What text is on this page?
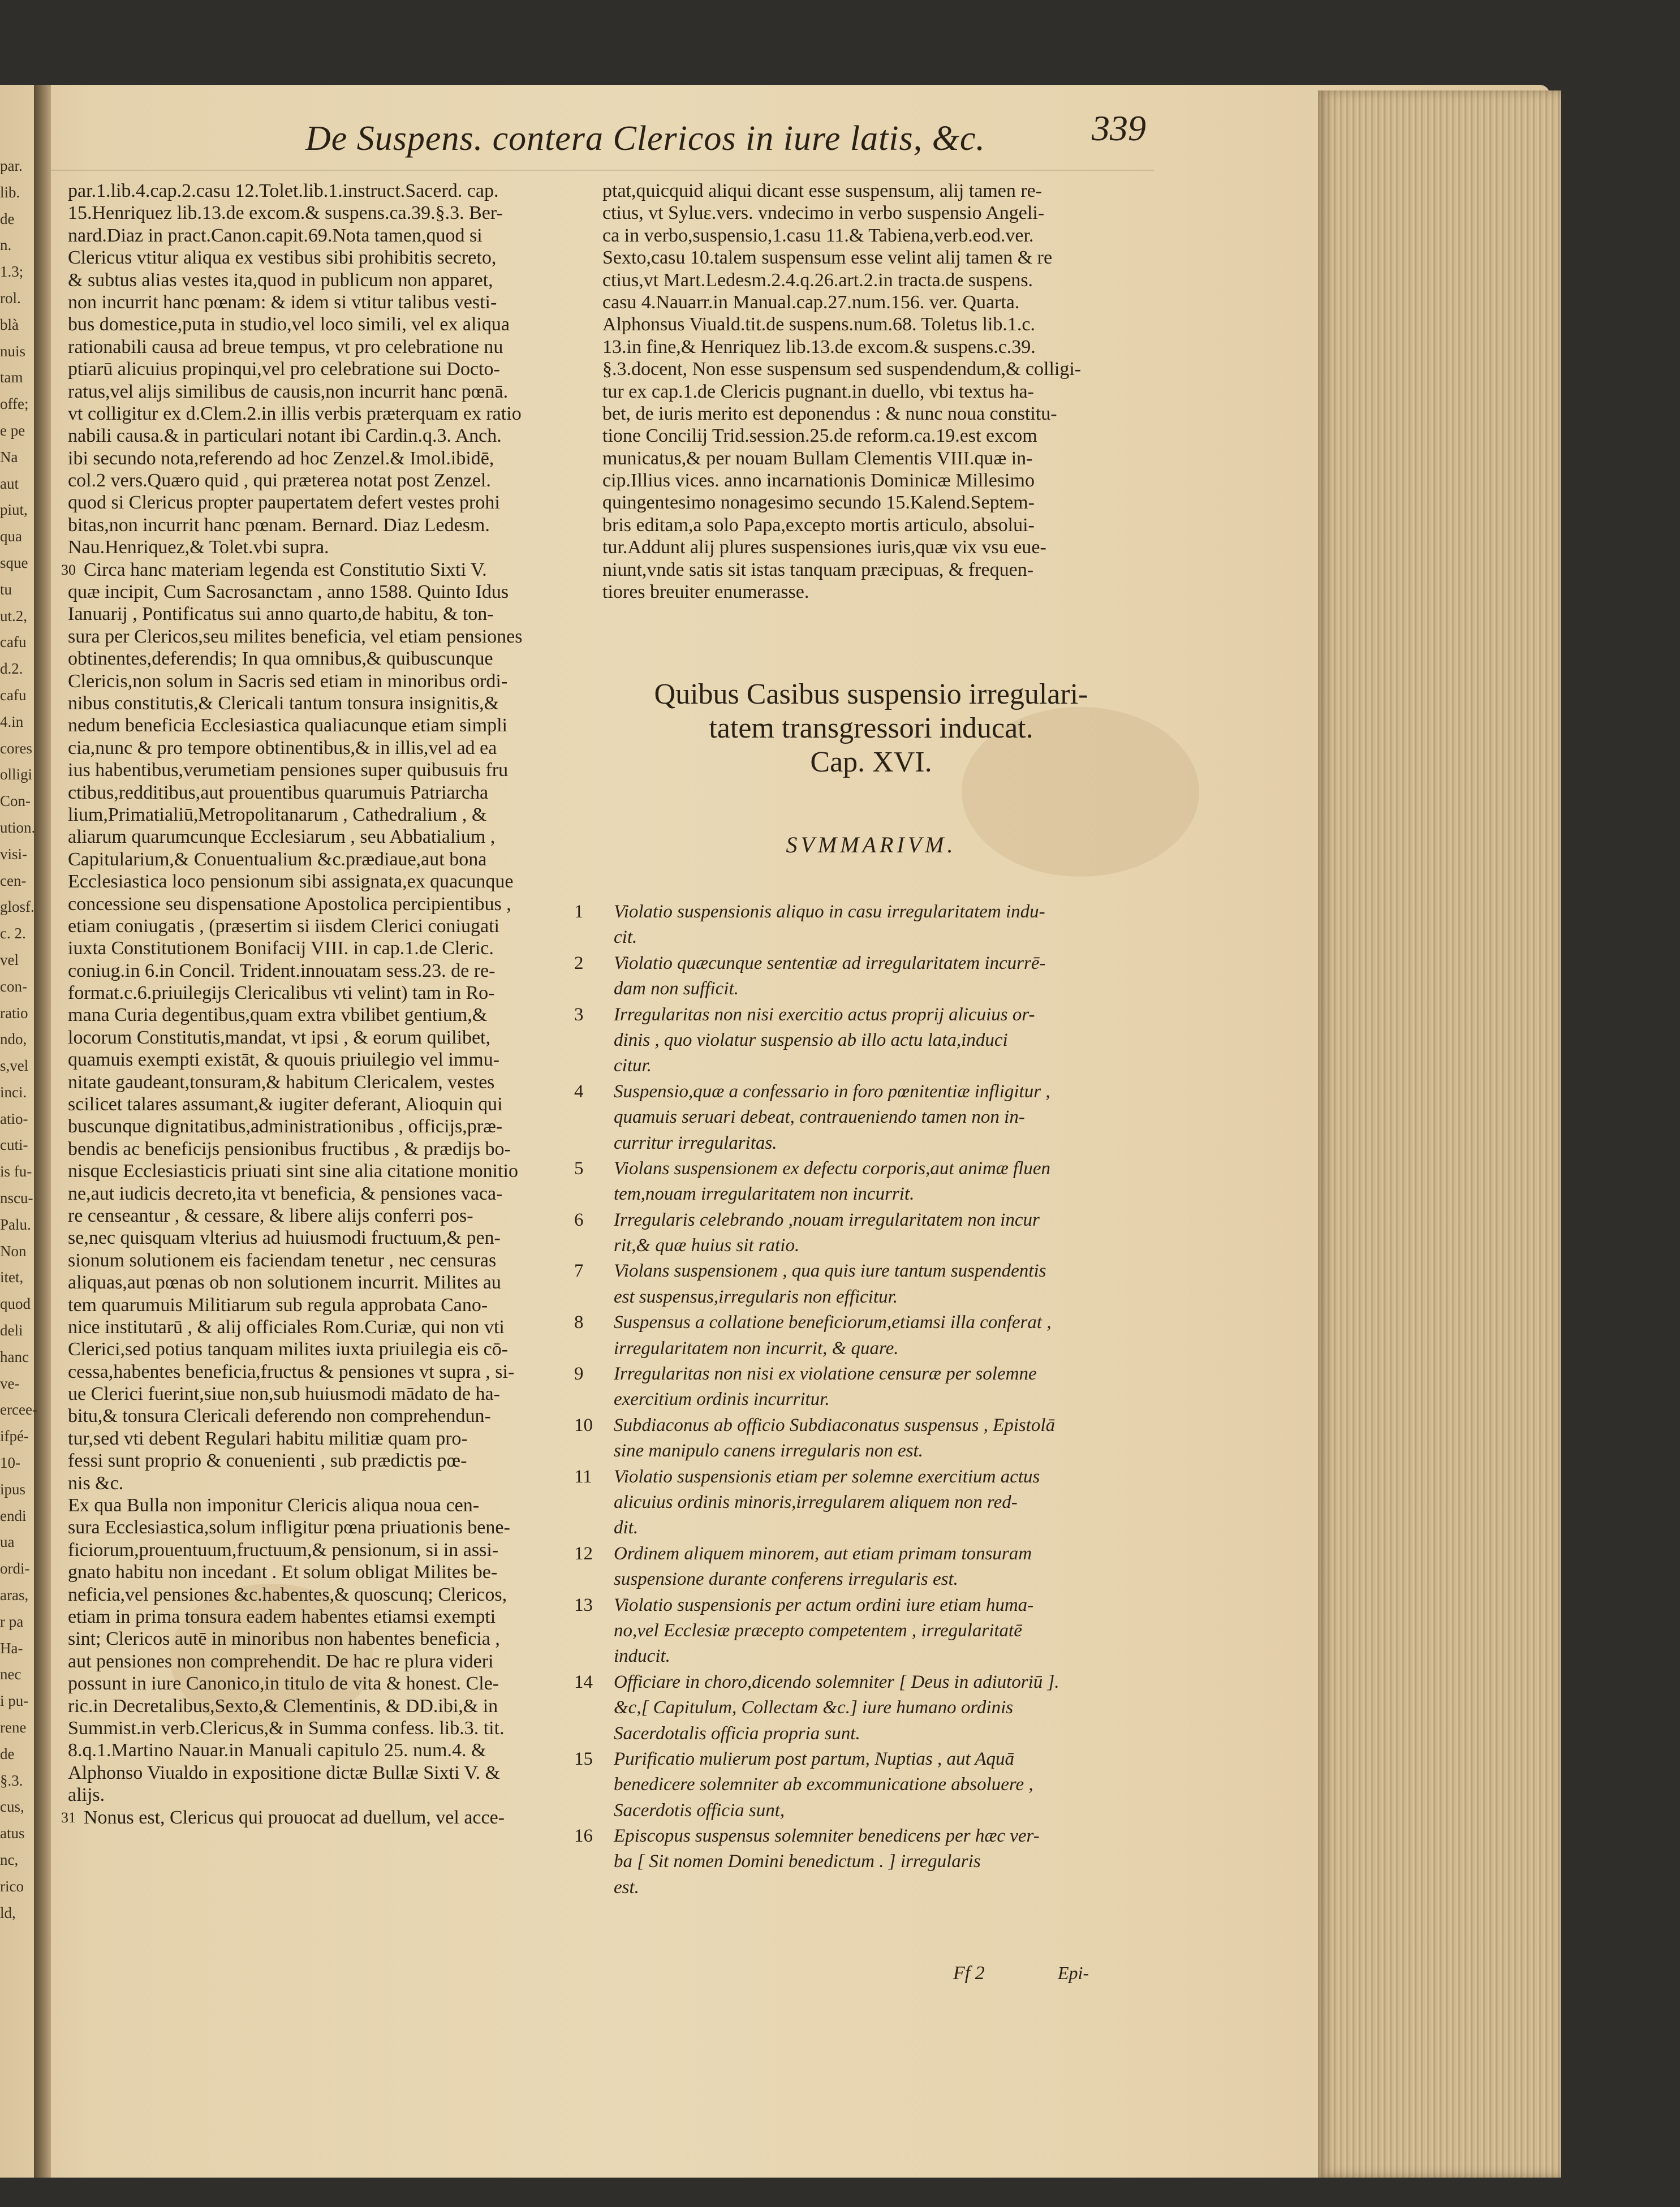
par.
lib.
de
n.
1.3;
rol.
blà
nuis
tam
offe;
e pe
Na
aut
piut,
qua
sque
tu
ut.2,
cafu
d.2.
cafu
4.in
cores
olligi
Con-
ution.
visi-
cen-
glosf.
c. 2.
vel
con-
ratio
ndo,
s,vel
inci.
atio-
cuti-
is fu-
nscu-
Palu.
Non
itet,
quod
deli
hanc
ve-
ercee-
ifpé-
10-
ipus
endi
ua
ordi-
aras,
r pa
Ha-
nec
i pu-
rene
de
§.3.
cus,
atus
nc,
rico
ld,
De Suspens. contera Clericos in iure latis, &c.	339
par.1.lib.4.cap.2.casu 12.Tolet.lib.1.instruct.Sacerd. cap.
15.Henriquez lib.13.de excom.& suspens.ca.39.§.3. Ber-
nard.Diaz in pract.Canon.capit.69.Nota tamen,quod si
Clericus vtitur aliqua ex vestibus sibi prohibitis secreto,
& subtus alias vestes ita,quod in publicum non apparet,
non incurrit hanc pœnam: & idem si vtitur talibus vesti-
bus domestice,puta in studio,vel loco simili, vel ex aliqua
rationabili causa ad breue tempus, vt pro celebratione nu
ptiarū alicuius propinqui,vel pro celebratione sui Docto-
ratus,vel alijs similibus de causis,non incurrit hanc pœnā.
vt colligitur ex d.Clem.2.in illis verbis præterquam ex ratio
nabili causa.& in particulari notant ibi Cardin.q.3. Anch.
ibi secundo nota,referendo ad hoc Zenzel.& Imol.ibidē,
col.2 vers.Quæro quid , qui præterea notat post Zenzel.
quod si Clericus propter paupertatem defert vestes prohi
bitas,non incurrit hanc pœnam. Bernard. Diaz Ledesm.
Nau.Henriquez,& Tolet.vbi supra.
30 Circa hanc materiam legenda est Constitutio Sixti V.
quæ incipit, Cum Sacrosanctam , anno 1588. Quinto Idus
Ianuarij , Pontificatus sui anno quarto,de habitu, & ton-
sura per Clericos,seu milites beneficia, vel etiam pensiones
obtinentes,deferendis; In qua omnibus,& quibuscunque
Clericis,non solum in Sacris sed etiam in minoribus ordi-
nibus constitutis,& Clericali tantum tonsura insignitis,&
nedum beneficia Ecclesiastica qualiacunque etiam simpli
cia,nunc & pro tempore obtinentibus,& in illis,vel ad ea
ius habentibus,verumetiam pensiones super quibusuis fru
ctibus,redditibus,aut prouentibus quarumuis Patriarcha
lium,Primatialiū,Metropolitanarum , Cathedralium , &
aliarum quarumcunque Ecclesiarum , seu Abbatialium ,
Capitularium,& Conuentualium &c.prædiaue,aut bona
Ecclesiastica loco pensionum sibi assignata,ex quacunque
concessione seu dispensatione Apostolica percipientibus ,
etiam coniugatis , (præsertim si iisdem Clerici coniugati
iuxta Constitutionem Bonifacij VIII. in cap.1.de Cleric.
coniug.in 6.in Concil. Trident.innouatam sess.23. de re-
format.c.6.priuilegijs Clericalibus vti velint) tam in Ro-
mana Curia degentibus,quam extra vbilibet gentium,&
locorum Constitutis,mandat, vt ipsi , & eorum quilibet,
quamuis exempti existāt, & quouis priuilegio vel immu-
nitate gaudeant,tonsuram,& habitum Clericalem, vestes
scilicet talares assumant,& iugiter deferant, Alioquin qui
buscunque dignitatibus,administrationibus , officijs,præ-
bendis ac beneficijs pensionibus fructibus , & prædijs bo-
nisque Ecclesiasticis priuati sint sine alia citatione monitio
ne,aut iudicis decreto,ita vt beneficia, & pensiones vaca-
re censeantur , & cessare, & libere alijs conferri pos-
se,nec quisquam vlterius ad huiusmodi fructuum,& pen-
sionum solutionem eis faciendam tenetur , nec censuras
aliquas,aut pœnas ob non solutionem incurrit. Milites au
tem quarumuis Militiarum sub regula approbata Cano-
nice institutarū , & alij officiales Rom.Curiæ, qui non vti
Clerici,sed potius tanquam milites iuxta priuilegia eis cō-
cessa,habentes beneficia,fructus & pensiones vt supra , si-
ue Clerici fuerint,siue non,sub huiusmodi mādato de ha-
bitu,& tonsura Clericali deferendo non comprehendun-
tur,sed vti debent Regulari habitu militiæ quam pro-
fessi sunt proprio & conuenienti , sub prædictis pœ-
nis &c.
Ex qua Bulla non imponitur Clericis aliqua noua cen-
sura Ecclesiastica,solum infligitur pœna priuationis bene-
ficiorum,prouentuum,fructuum,& pensionum, si in assi-
gnato habitu non incedant . Et solum obligat Milites be-
neficia,vel pensiones &c.habentes,& quoscunq; Clericos,
etiam in prima tonsura eadem habentes etiamsi exempti
sint; Clericos autē in minoribus non habentes beneficia ,
aut pensiones non comprehendit. De hac re plura videri
possunt in iure Canonico,in titulo de vita & honest. Cle-
ric.in Decretalibus,Sexto,& Clementinis, & DD.ibi,& in
Summist.in verb.Clericus,& in Summa confess. lib.3. tit.
8.q.1.Martino Nauar.in Manuali capitulo 25. num.4. &
Alphonso Viualdo in expositione dictæ Bullæ Sixti V. &
alijs.
31 Nonus est, Clericus qui prouocat ad duellum, vel acce-
ptat,quicquid aliqui dicant esse suspensum, alij tamen re-
ctius, vt Syluε.vers. vndecimo in verbo suspensio Angeli-
ca in verbo,suspensio,1.casu 11.& Tabiena,verb.eod.ver.
Sexto,casu 10.talem suspensum esse velint alij tamen & re
ctius,vt Mart.Ledesm.2.4.q.26.art.2.in tracta.de suspens.
casu 4.Nauarr.in Manual.cap.27.num.156. ver. Quarta.
Alphonsus Viuald.tit.de suspens.num.68. Toletus lib.1.c.
13.in fine,& Henriquez lib.13.de excom.& suspens.c.39.
§.3.docent, Non esse suspensum sed suspendendum,& colligi-
tur ex cap.1.de Clericis pugnant.in duello, vbi textus ha-
bet, de iuris merito est deponendus : & nunc noua constitu-
tione Concilij Trid.session.25.de reform.ca.19.est excom
municatus,& per nouam Bullam Clementis VIII.quæ in-
cip.Illius vices. anno incarnationis Dominicæ Millesimo
quingentesimo nonagesimo secundo 15.Kalend.Septem-
bris editam,a solo Papa,excepto mortis articulo, absolui-
tur.Addunt alij plures suspensiones iuris,quæ vix vsu eue-
niunt,vnde satis sit istas tanquam præcipuas, & frequen-
tiores breuiter enumerasse.
Quibus Casibus suspensio irregulari-
tatem transgressori inducat.
Cap. XVI.
SVMMARIVM.
1 Violatio suspensionis aliquo in casu irregularitatem indu-
cit.
2 Violatio quæcunque sententiæ ad irregularitatem incurrē-
dam non sufficit.
3 Irregularitas non nisi exercitio actus proprij alicuius or-
dinis , quo violatur suspensio ab illo actu lata,induci
citur.
4 Suspensio,quæ a confessario in foro pœnitentiæ infligitur ,
quamuis seruari debeat, contraueniendo tamen non in-
curritur irregularitas.
5 Violans suspensionem ex defectu corporis,aut animæ fluen
tem,nouam irregularitatem non incurrit.
6 Irregularis celebrando ,nouam irregularitatem non incur
rit,& quæ huius sit ratio.
7 Violans suspensionem , qua quis iure tantum suspendentis
est suspensus,irregularis non efficitur.
8 Suspensus a collatione beneficiorum,etiamsi illa conferat ,
irregularitatem non incurrit, & quare.
9 Irregularitas non nisi ex violatione censuræ per solemne
exercitium ordinis incurritur.
10 Subdiaconus ab officio Subdiaconatus suspensus , Epistolā
sine manipulo canens irregularis non est.
11 Violatio suspensionis etiam per solemne exercitium actus
alicuius ordinis minoris,irregularem aliquem non red-
dit.
12 Ordinem aliquem minorem, aut etiam primam tonsuram
suspensione durante conferens irregularis est.
13 Violatio suspensionis per actum ordini iure etiam huma-
no,vel Ecclesiæ præcepto competentem , irregularitatē
inducit.
14 Officiare in choro,dicendo solemniter [ Deus in adiutoriū ].
&c,[ Capitulum, Collectam &c.] iure humano ordinis
Sacerdotalis officia propria sunt.
15 Purificatio mulierum post partum, Nuptias , aut Aquā
benedicere solemniter ab excommunicatione absoluere ,
Sacerdotis officia sunt,
16 Episcopus suspensus solemniter benedicens per hæc ver-
ba [ Sit nomen Domini benedictum . ] irregularis
est.
Ff 2	Epi-
